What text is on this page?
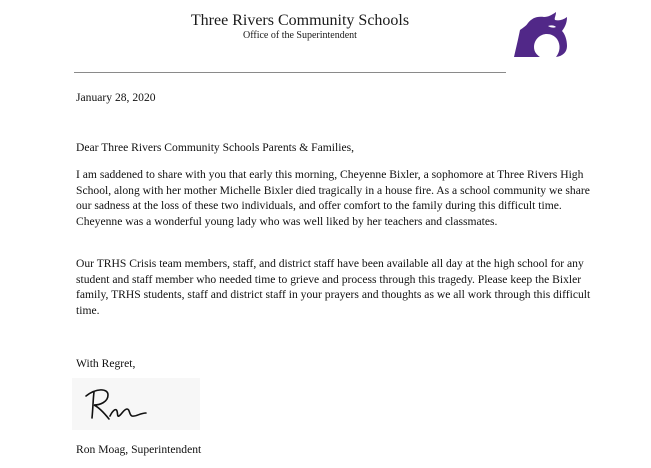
Three Rivers Community Schools
Office of the Superintendent
January 28, 2020
Dear Three Rivers Community Schools Parents & Families,
I am saddened to share with you that early this morning, Cheyenne Bixler, a sophomore at Three Rivers High School, along with her mother Michelle Bixler died tragically in a house fire. As a school community we share our sadness at the loss of these two individuals, and offer comfort to the family during this difficult time. Cheyenne was a wonderful young lady who was well liked by her teachers and classmates.
Our TRHS Crisis team members, staff, and district staff have been available all day at the high school for any student and staff member who needed time to grieve and process through this tragedy. Please keep the Bixler family, TRHS students, staff and district staff in your prayers and thoughts as we all work through this difficult time.
With Regret,
Ron Moag, Superintendent
